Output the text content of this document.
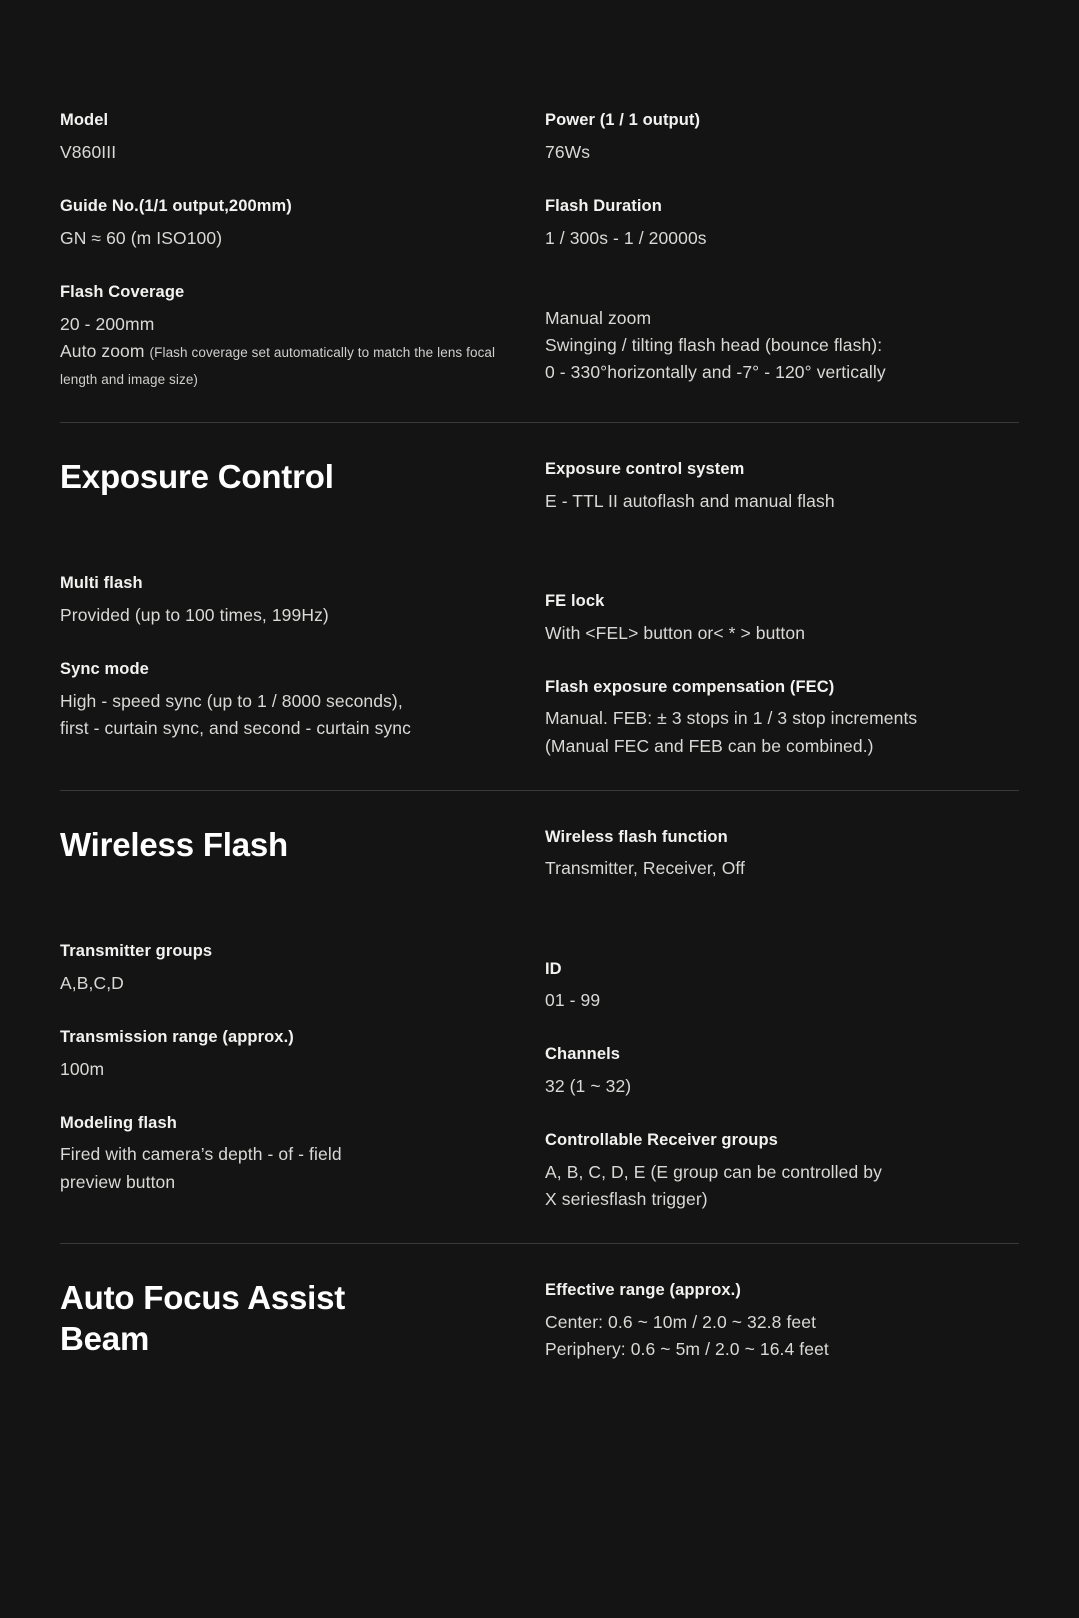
Model
V860III
Guide No.(1/1 output,200mm)
GN ≈ 60 (m ISO100)
Flash Coverage
20 - 200mm
Auto zoom (Flash coverage set automatically to match the lens focal length and image size)
Power (1 / 1 output)
76Ws
Flash Duration
1 / 300s - 1 / 20000s
Manual zoom
Swinging / tilting flash head (bounce flash):
0 - 330°horizontally and -7° - 120° vertically
Exposure Control
Multi flash
Provided (up to 100 times, 199Hz)
Sync mode
High - speed sync (up to 1 / 8000 seconds),
first - curtain sync, and second - curtain sync
Exposure control system
E - TTL II autoflash and manual flash
FE lock
With <FEL> button or< * > button
Flash exposure compensation (FEC)
Manual. FEB: ± 3 stops in 1 / 3 stop increments
(Manual FEC and FEB can be combined.)
Wireless Flash
Transmitter groups
A,B,C,D
Transmission range (approx.)
100m
Modeling flash
Fired with camera’s depth - of - field
preview button
Wireless flash function
Transmitter, Receiver, Off
ID
01 - 99
Channels
32 (1 ~ 32)
Controllable Receiver groups
A, B, C, D, E (E group can be controlled by
X seriesflash trigger)
Auto Focus Assist
Beam
Effective range (approx.)
Center: 0.6 ~ 10m / 2.0 ~ 32.8 feet
Periphery: 0.6 ~ 5m / 2.0 ~ 16.4 feet
